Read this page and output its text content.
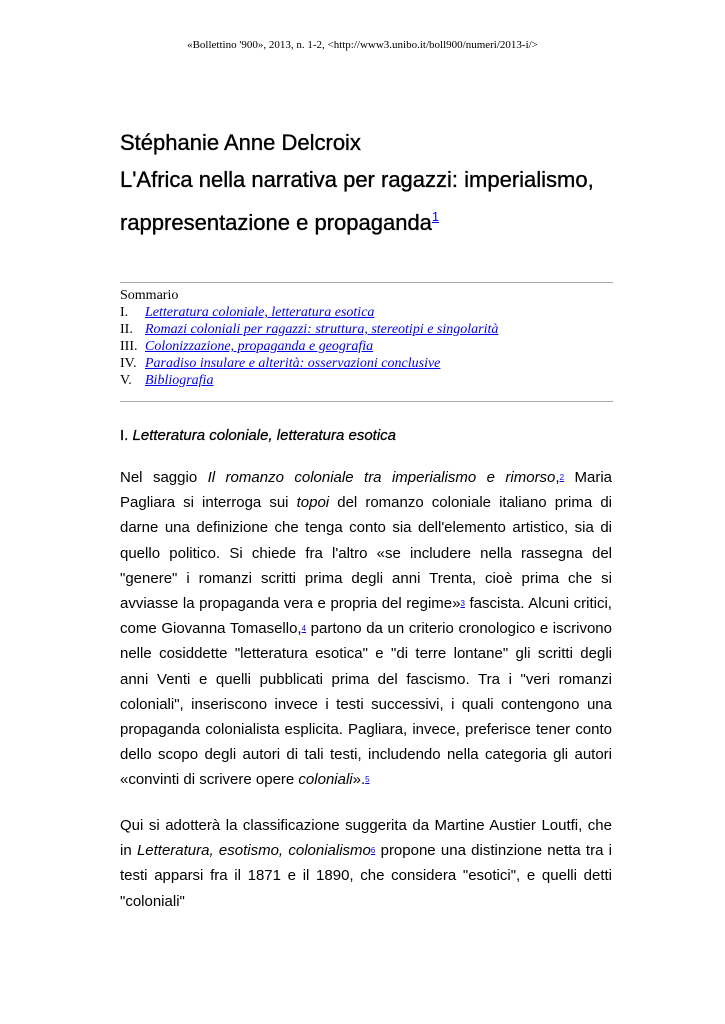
«Bollettino '900», 2013, n. 1-2, <http://www3.unibo.it/boll900/numeri/2013-i/>
Stéphanie Anne Delcroix
L'Africa nella narrativa per ragazzi: imperialismo,
rappresentazione e propaganda$^1$
Sommario
I.	Letteratura coloniale, letteratura esotica
II. Romazi coloniali per ragazzi: struttura, stereotipi e singolarità
III. Colonizzazione, propaganda e geografia
IV. Paradiso insulare e alterità: osservazioni conclusive
V. Bibliografia
I. Letteratura coloniale, letteratura esotica

Nel saggio Il romanzo coloniale tra imperialismo e rimorso,2 Maria Pagliara si interroga sui topoi del romanzo coloniale italiano prima di darne una definizione che tenga conto sia dell'elemento artistico, sia di quello politico. Si chiede fra l'altro «se includere nella rassegna del "genere" i romanzi scritti prima degli anni Trenta, cioè prima che si avviasse la propaganda vera e propria del regime»3 fascista. Alcuni critici, come Giovanna Tomasello,4 partono da un criterio cronologico e iscrivono nelle cosiddette "letteratura esotica" e "di terre lontane" gli scritti degli anni Venti e quelli pubblicati prima del fascismo. Tra i "veri romanzi coloniali", inseriscono invece i testi successivi, i quali contengono una propaganda colonialista esplicita. Pagliara, invece, preferisce tener conto dello scopo degli autori di tali testi, includendo nella categoria gli autori «convinti di scrivere opere coloniali».5

Qui si adotterà la classificazione suggerita da Martine Austier Loutfi, che in Letteratura, esotismo, colonialismo6 propone una distinzione netta tra i testi apparsi fra il 1871 e il 1890, che considera "esotici", e quelli detti "coloniali"
